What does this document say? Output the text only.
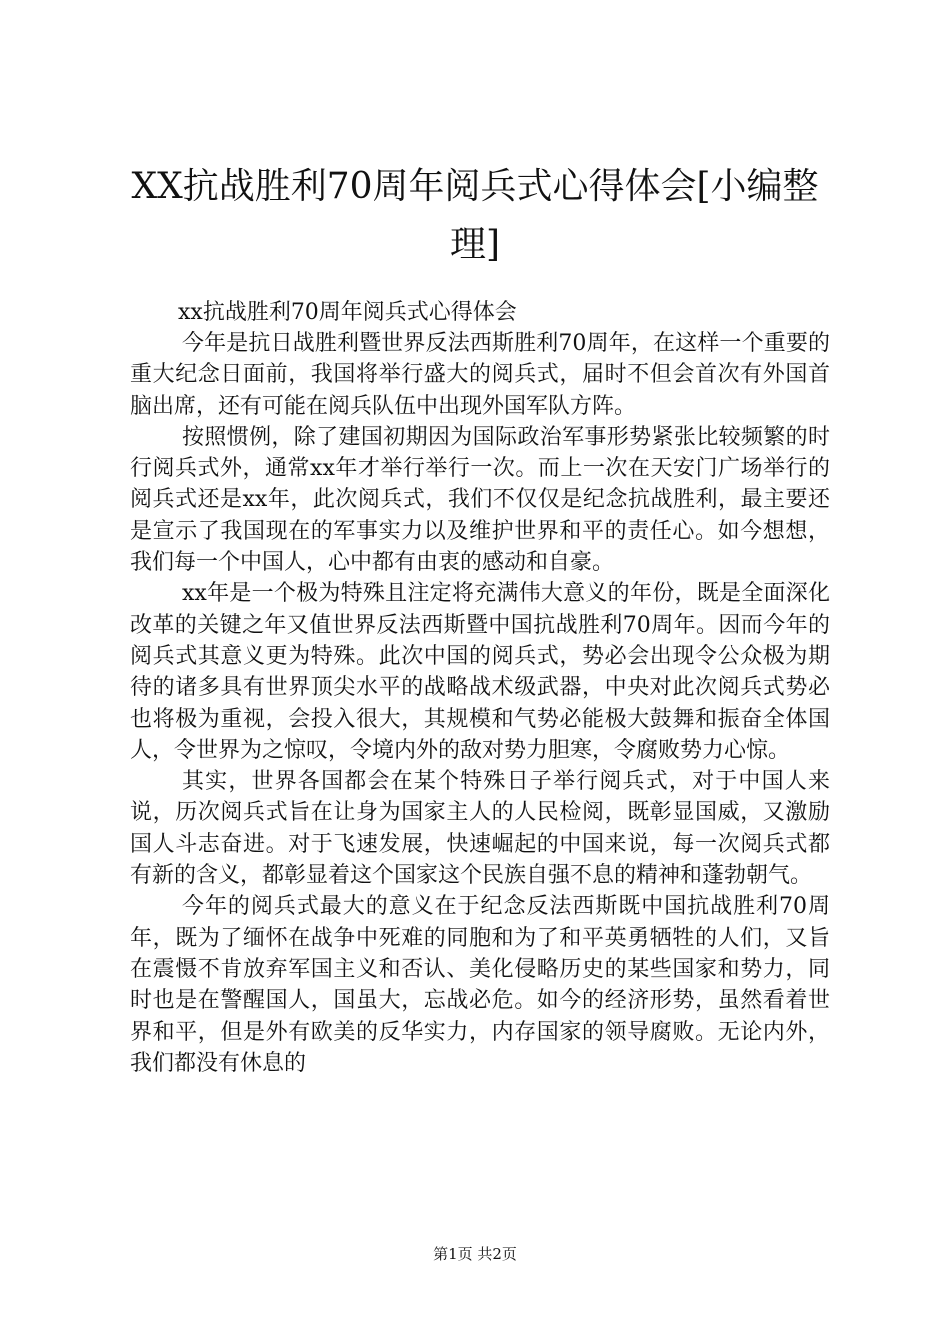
XX抗战胜利70周年阅兵式心得体会[小编整理]

xx抗战胜利70周年阅兵式心得体会

今年是抗日战胜利暨世界反法西斯胜利70周年，在这样一个重要的重大纪念日面前，我国将举行盛大的阅兵式，届时不但会首次有外国首脑出席，还有可能在阅兵队伍中出现外国军队方阵。

按照惯例，除了建国初期因为国际政治军事形势紧张比较频繁的时行阅兵式外，通常xx年才举行举行一次。而上一次在天安门广场举行的阅兵式还是xx年，此次阅兵式，我们不仅仅是纪念抗战胜利，最主要还是宣示了我国现在的军事实力以及维护世界和平的责任心。如今想想，我们每一个中国人，心中都有由衷的感动和自豪。

xx年是一个极为特殊且注定将充满伟大意义的年份，既是全面深化改革的关键之年又值世界反法西斯暨中国抗战胜利70周年。因而今年的阅兵式其意义更为特殊。此次中国的阅兵式，势必会出现令公众极为期待的诸多具有世界顶尖水平的战略战术级武器，中央对此次阅兵式势必也将极为重视，会投入很大，其规模和气势必能极大鼓舞和振奋全体国人，令世界为之惊叹，令境内外的敌对势力胆寒，令腐败势力心惊。

其实，世界各国都会在某个特殊日子举行阅兵式，对于中国人来说，历次阅兵式旨在让身为国家主人的人民检阅，既彰显国威，又激励国人斗志奋进。对于飞速发展，快速崛起的中国来说，每一次阅兵式都有新的含义，都彰显着这个国家这个民族自强不息的精神和蓬勃朝气。

今年的阅兵式最大的意义在于纪念反法西斯既中国抗战胜利70周年，既为了缅怀在战争中死难的同胞和为了和平英勇牺牲的人们，又旨在震慑不肯放弃军国主义和否认、美化侵略历史的某些国家和势力，同时也是在警醒国人，国虽大，忘战必危。如今的经济形势，虽然看着世界和平，但是外有欧美的反华实力，内存国家的领导腐败。无论内外，我们都没有休息的

第1页 共2页
